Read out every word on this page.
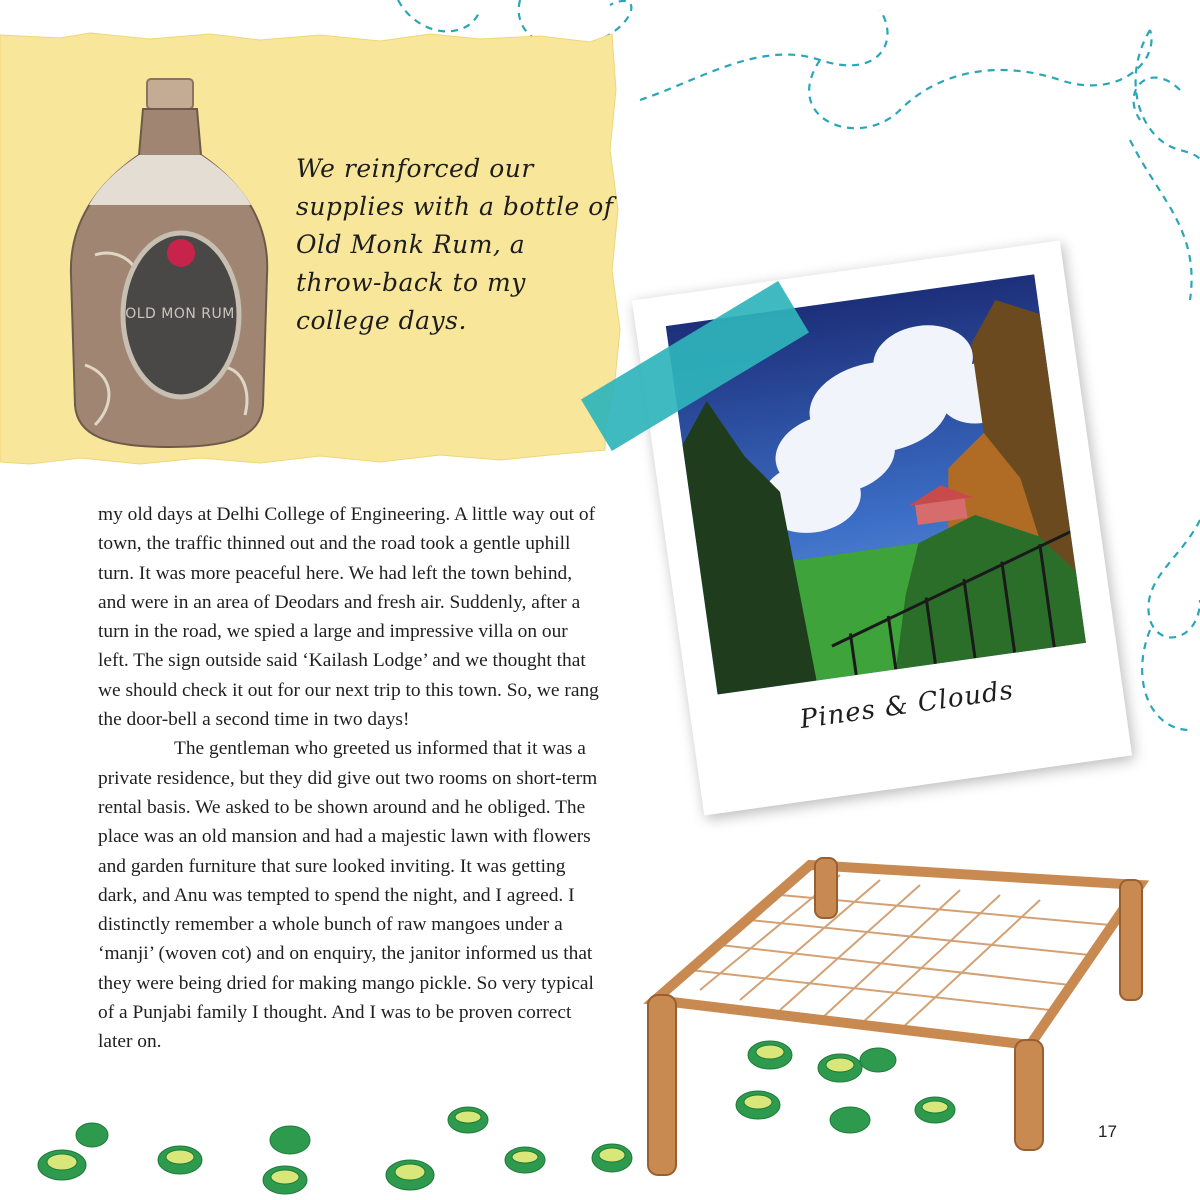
OLD MON RUM
We reinforced our supplies with a bottle of Old Monk Rum, a throw-back to my college days.

my old days at Delhi College of Engineering. A little way out of town, the traffic thinned out and the road took a gentle uphill turn. It was more peaceful here. We had left the town behind, and were in an area of Deodars and fresh air. Suddenly, after a turn in the road, we spied a large and impressive villa on our left. The sign outside said ‘Kailash Lodge’ and we thought that we should check it out for our next trip to this town. So, we rang the door-bell a second time in two days!

The gentleman who greeted us informed that it was a private residence, but they did give out two rooms on short-term rental basis. We asked to be shown around and he obliged. The place was an old mansion and had a majestic lawn with flowers and garden furniture that sure looked inviting. It was getting dark, and Anu was tempted to spend the night, and I agreed. I distinctly remember a whole bunch of raw mangoes under a ‘manji’ (woven cot) and on enquiry, the janitor informed us that they were being dried for making mango pickle. So very typical of a Punjabi family I thought. And I was to be proven correct later on.

Pines & Clouds
17
